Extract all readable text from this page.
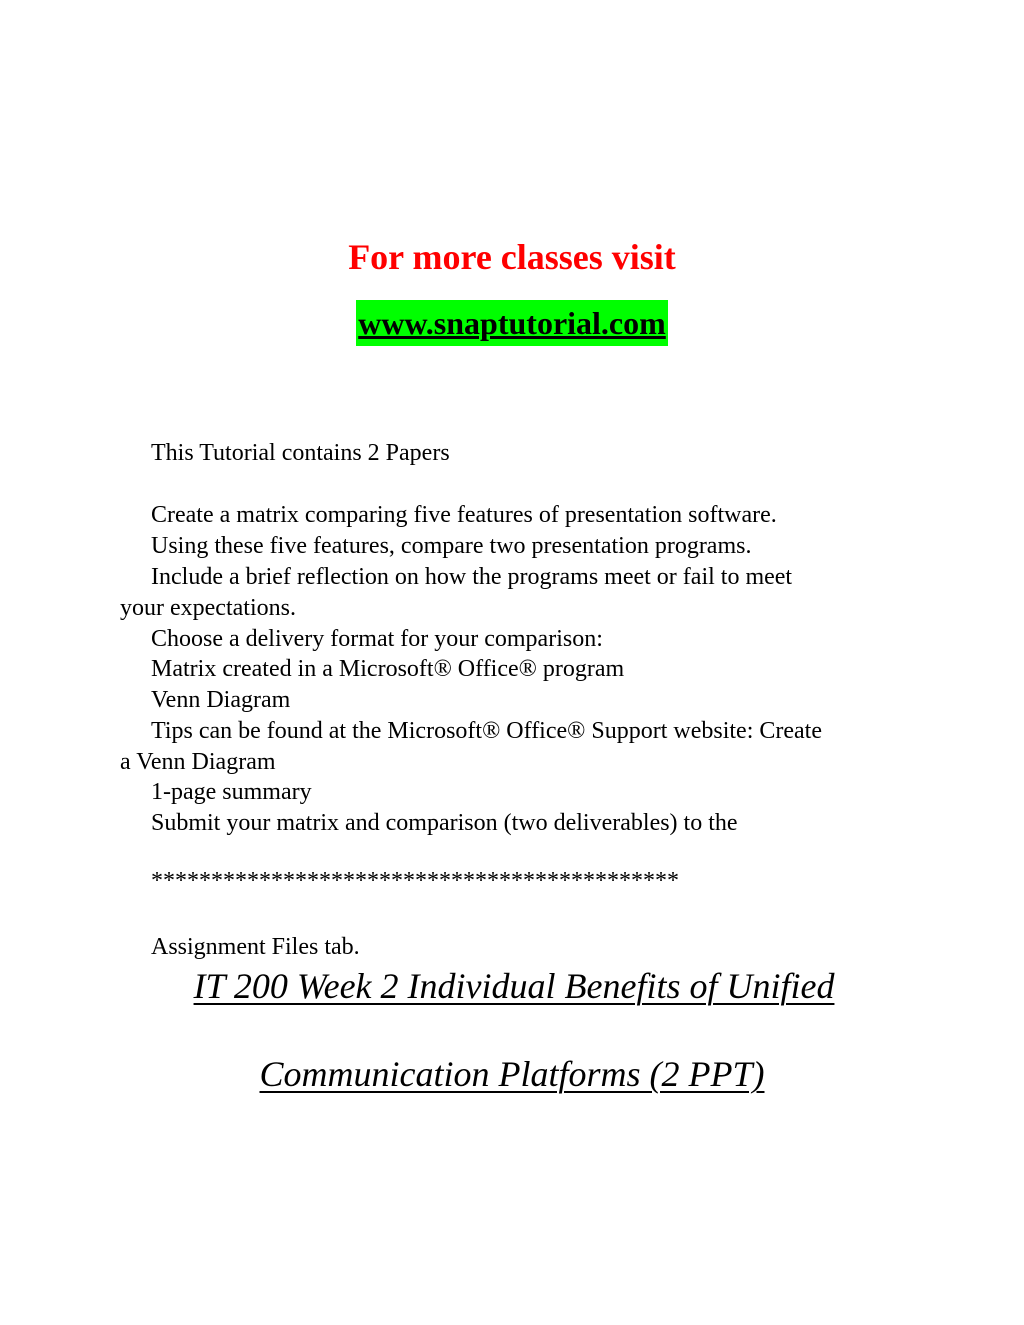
For more classes visit
www.snaptutorial.com
This Tutorial contains 2 Papers
Create a matrix comparing five features of presentation software.
Using these five features, compare two presentation programs.
Include a brief reflection on how the programs meet or fail to meet
your expectations.
Choose a delivery format for your comparison:
Matrix created in a Microsoft® Office® program
Venn Diagram
Tips can be found at the Microsoft® Office® Support website: Create
a Venn Diagram
1-page summary
Submit your matrix and comparison (two deliverables) to the
********************************************
Assignment Files tab.
IT 200 Week 2 Individual Benefits of Unified
Communication Platforms (2 PPT)
